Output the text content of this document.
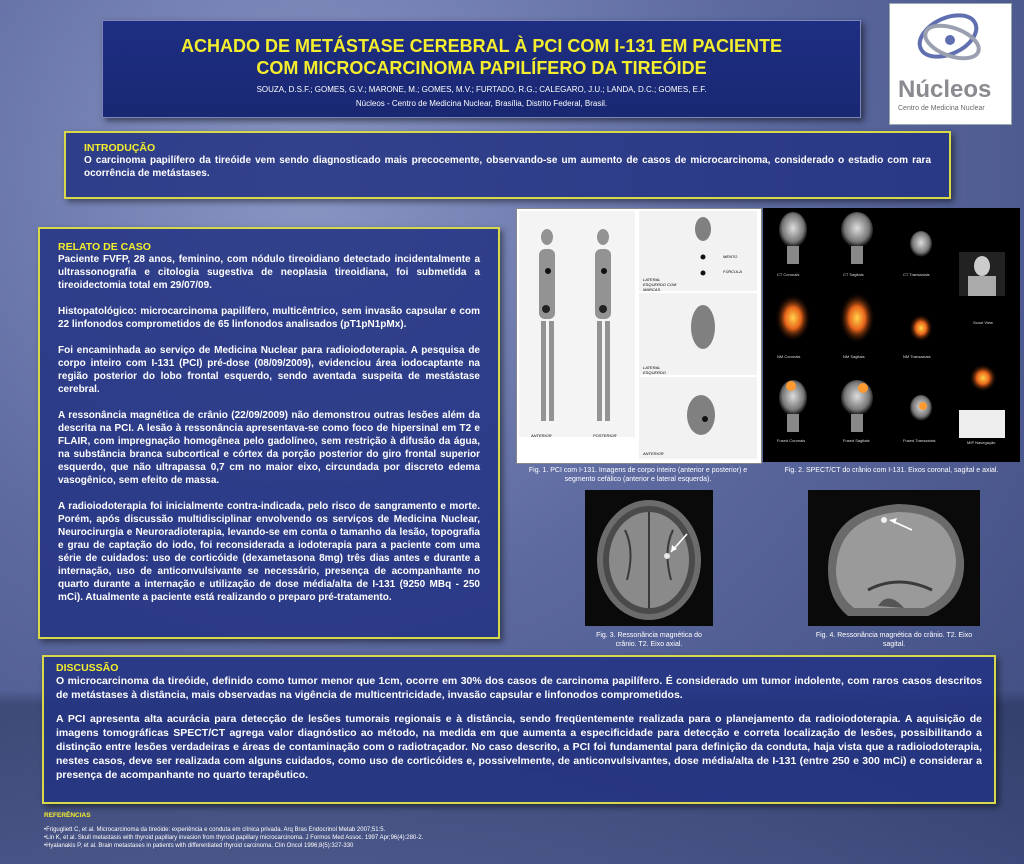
ACHADO DE METÁSTASE CEREBRAL À PCI COM I-131 EM PACIENTE
COM MICROCARCINOMA PAPILÍFERO DA TIREÓIDE
SOUZA, D.S.F.; GOMES, G.V.; MARONE, M.; GOMES, M.V.; FURTADO, R.G.; CALEGARO, J.U.; LANDA, D.C.; GOMES, E.F.
Núcleos - Centro de Medicina Nuclear, Brasília, Distrito Federal, Brasil.
Núcleos
Centro de Medicina Nuclear
INTRODUÇÃO

O carcinoma papilífero da tireóide vem sendo diagnosticado mais precocemente, observando-se um aumento de casos de microcarcinoma, considerado o estadio com rara ocorrência de metástases.

RELATO DE CASO

Paciente FVFP, 28 anos, feminino, com nódulo tireoidiano detectado incidentalmente a ultrassonografia e citologia sugestiva de neoplasia tireoidiana, foi submetida a tireoidectomia total em 29/07/09.

Histopatológico: microcarcinoma papilífero, multicêntrico, sem invasão capsular e com 22 linfonodos comprometidos de 65 linfonodos analisados (pT1pN1pMx).

Foi encaminhada ao serviço de Medicina Nuclear para radioiodoterapia. A pesquisa de corpo inteiro com I-131 (PCI) pré-dose (08/09/2009), evidenciou área iodocaptante na região posterior do lobo frontal esquerdo, sendo aventada suspeita de mestástase cerebral.

A ressonância magnética de crânio (22/09/2009) não demonstrou outras lesões além da descrita na PCI. A lesão à ressonância apresentava-se como foco de hipersinal em T2 e FLAIR, com impregnação homogênea pelo gadolíneo, sem restrição à difusão da água, na substância branca subcortical e córtex da porção posterior do giro frontal superior esquerdo, que não ultrapassa 0,7 cm no maior eixo, circundada por discreto edema vasogênico, sem efeito de massa.

A radioiodoterapia foi inicialmente contra-indicada, pelo risco de sangramento e morte. Porém, após discussão multidisciplinar envolvendo os serviços de Medicina Nuclear, Neurocirurgia e Neuroradioterapia, levando-se em conta o tamanho da lesão, topografia e grau de captação do iodo, foi reconsiderada a iodoterapia para a paciente com uma série de cuidados: uso de corticóide (dexametasona 8mg) três dias antes e durante a internação, uso de anticonvulsivante se necessário, presença de acompanhante no quarto durante a internação e utilização de dose média/alta de I-131 (9250 MBq - 250 mCi). Atualmente a paciente está realizando o preparo pré-tratamento.

ANTERIOR	POSTERIOR
MENTO
FÚRCULA
LATERAL ESQUERDO COM MARCAS
LATERAL ESQUERDO
ANTERIOR
Fig. 1. PCI com I-131. Imagens de corpo inteiro (anterior e posterior) e segmento cefálico (anterior e lateral esquerda).
CT Coronais	CT Sagitais	CT Transaxiais
Scout View
NM Coronais	NM Sagitais	NM Transaxiais
Fused Coronais	Fused Sagitais	Fused Transaxiais	MIP Navegação
Fig. 2. SPECT/CT do crânio com I-131. Eixos coronal, sagital e axial.
Fig. 3. Ressonância magnética do crânio. T2. Eixo axial.
Fig. 4. Ressonância magnética do crânio. T2. Eixo sagital.
DISCUSSÃO

O microcarcinoma da tireóide, definido como tumor menor que 1cm, ocorre em 30% dos casos de carcinoma papilífero. É considerado um tumor indolente, com raros casos descritos de metástases à distância, mais observadas na vigência de multicentricidade, invasão capsular e linfonodos comprometidos.

A PCI apresenta alta acurácia para detecção de lesões tumorais regionais e à distância, sendo freqüentemente realizada para o planejamento da radioiodoterapia. A aquisição de imagens tomográficas SPECT/CT agrega valor diagnóstico ao método, na medida em que aumenta a especificidade para detecção e correta localização de lesões, possibilitando a distinção entre lesões verdadeiras e áreas de contaminação com o radiotraçador. No caso descrito, a PCI foi fundamental para definição da conduta, haja vista que a radioiodoterapia, nestes casos, deve ser realizada com alguns cuidados, como uso de corticóides e, possivelmente, de anticonvulsivantes, dose média/alta de I-131 (entre 250 e 300 mCi) e considerar a presença de acompanhante no quarto terapêutico.

REFERÊNCIAS
•Frigugliett C, et al. Microcarcinoma da tireóide: experiência e conduta em clínica privada. Arq Bras Endocrinol Metab 2007;51:5.
•Lin K, et al. Skull metastasis with thyroid papillary invasion from thyroid papillary microcarcinoma. J Formos Med Assoc. 1997 Apr;96(4):280-2.
•Hyalanakis P, et al. Brain metastases in patients with differentiated thyroid carcinoma. Clin Oncol 1996;8(5):327-330
